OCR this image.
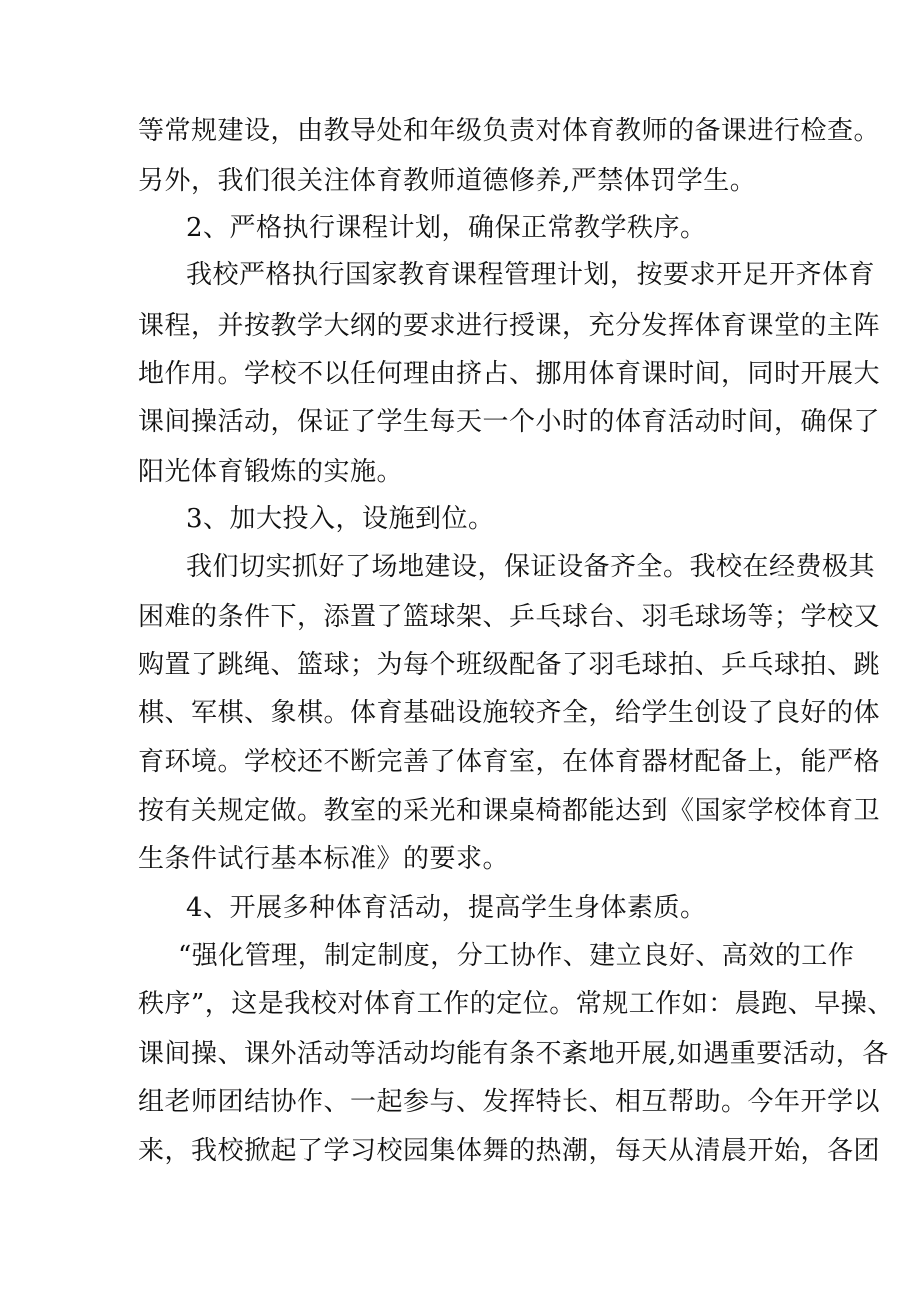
等常规建设，由教导处和年级负责对体育教师的备课进行检查。
另外，我们很关注体育教师道德修养,严禁体罚学生。
2、严格执行课程计划，确保正常教学秩序。
我校严格执行国家教育课程管理计划，按要求开足开齐体育
课程，并按教学大纲的要求进行授课，充分发挥体育课堂的主阵
地作用。学校不以任何理由挤占、挪用体育课时间，同时开展大
课间操活动，保证了学生每天一个小时的体育活动时间，确保了
阳光体育锻炼的实施。
3、加大投入，设施到位。
我们切实抓好了场地建设，保证设备齐全。我校在经费极其
困难的条件下，添置了篮球架、乒乓球台、羽毛球场等；学校又
购置了跳绳、篮球；为每个班级配备了羽毛球拍、乒乓球拍、跳
棋、军棋、象棋。体育基础设施较齐全，给学生创设了良好的体
育环境。学校还不断完善了体育室，在体育器材配备上，能严格
按有关规定做。教室的采光和课桌椅都能达到《国家学校体育卫
生条件试行基本标准》的要求。
4、开展多种体育活动，提高学生身体素质。
“强化管理，制定制度，分工协作、建立良好、高效的工作
秩序”，这是我校对体育工作的定位。常规工作如：晨跑、早操、
课间操、课外活动等活动均能有条不紊地开展,如遇重要活动，各
组老师团结协作、一起参与、发挥特长、相互帮助。今年开学以
来，我校掀起了学习校园集体舞的热潮，每天从清晨开始，各团
